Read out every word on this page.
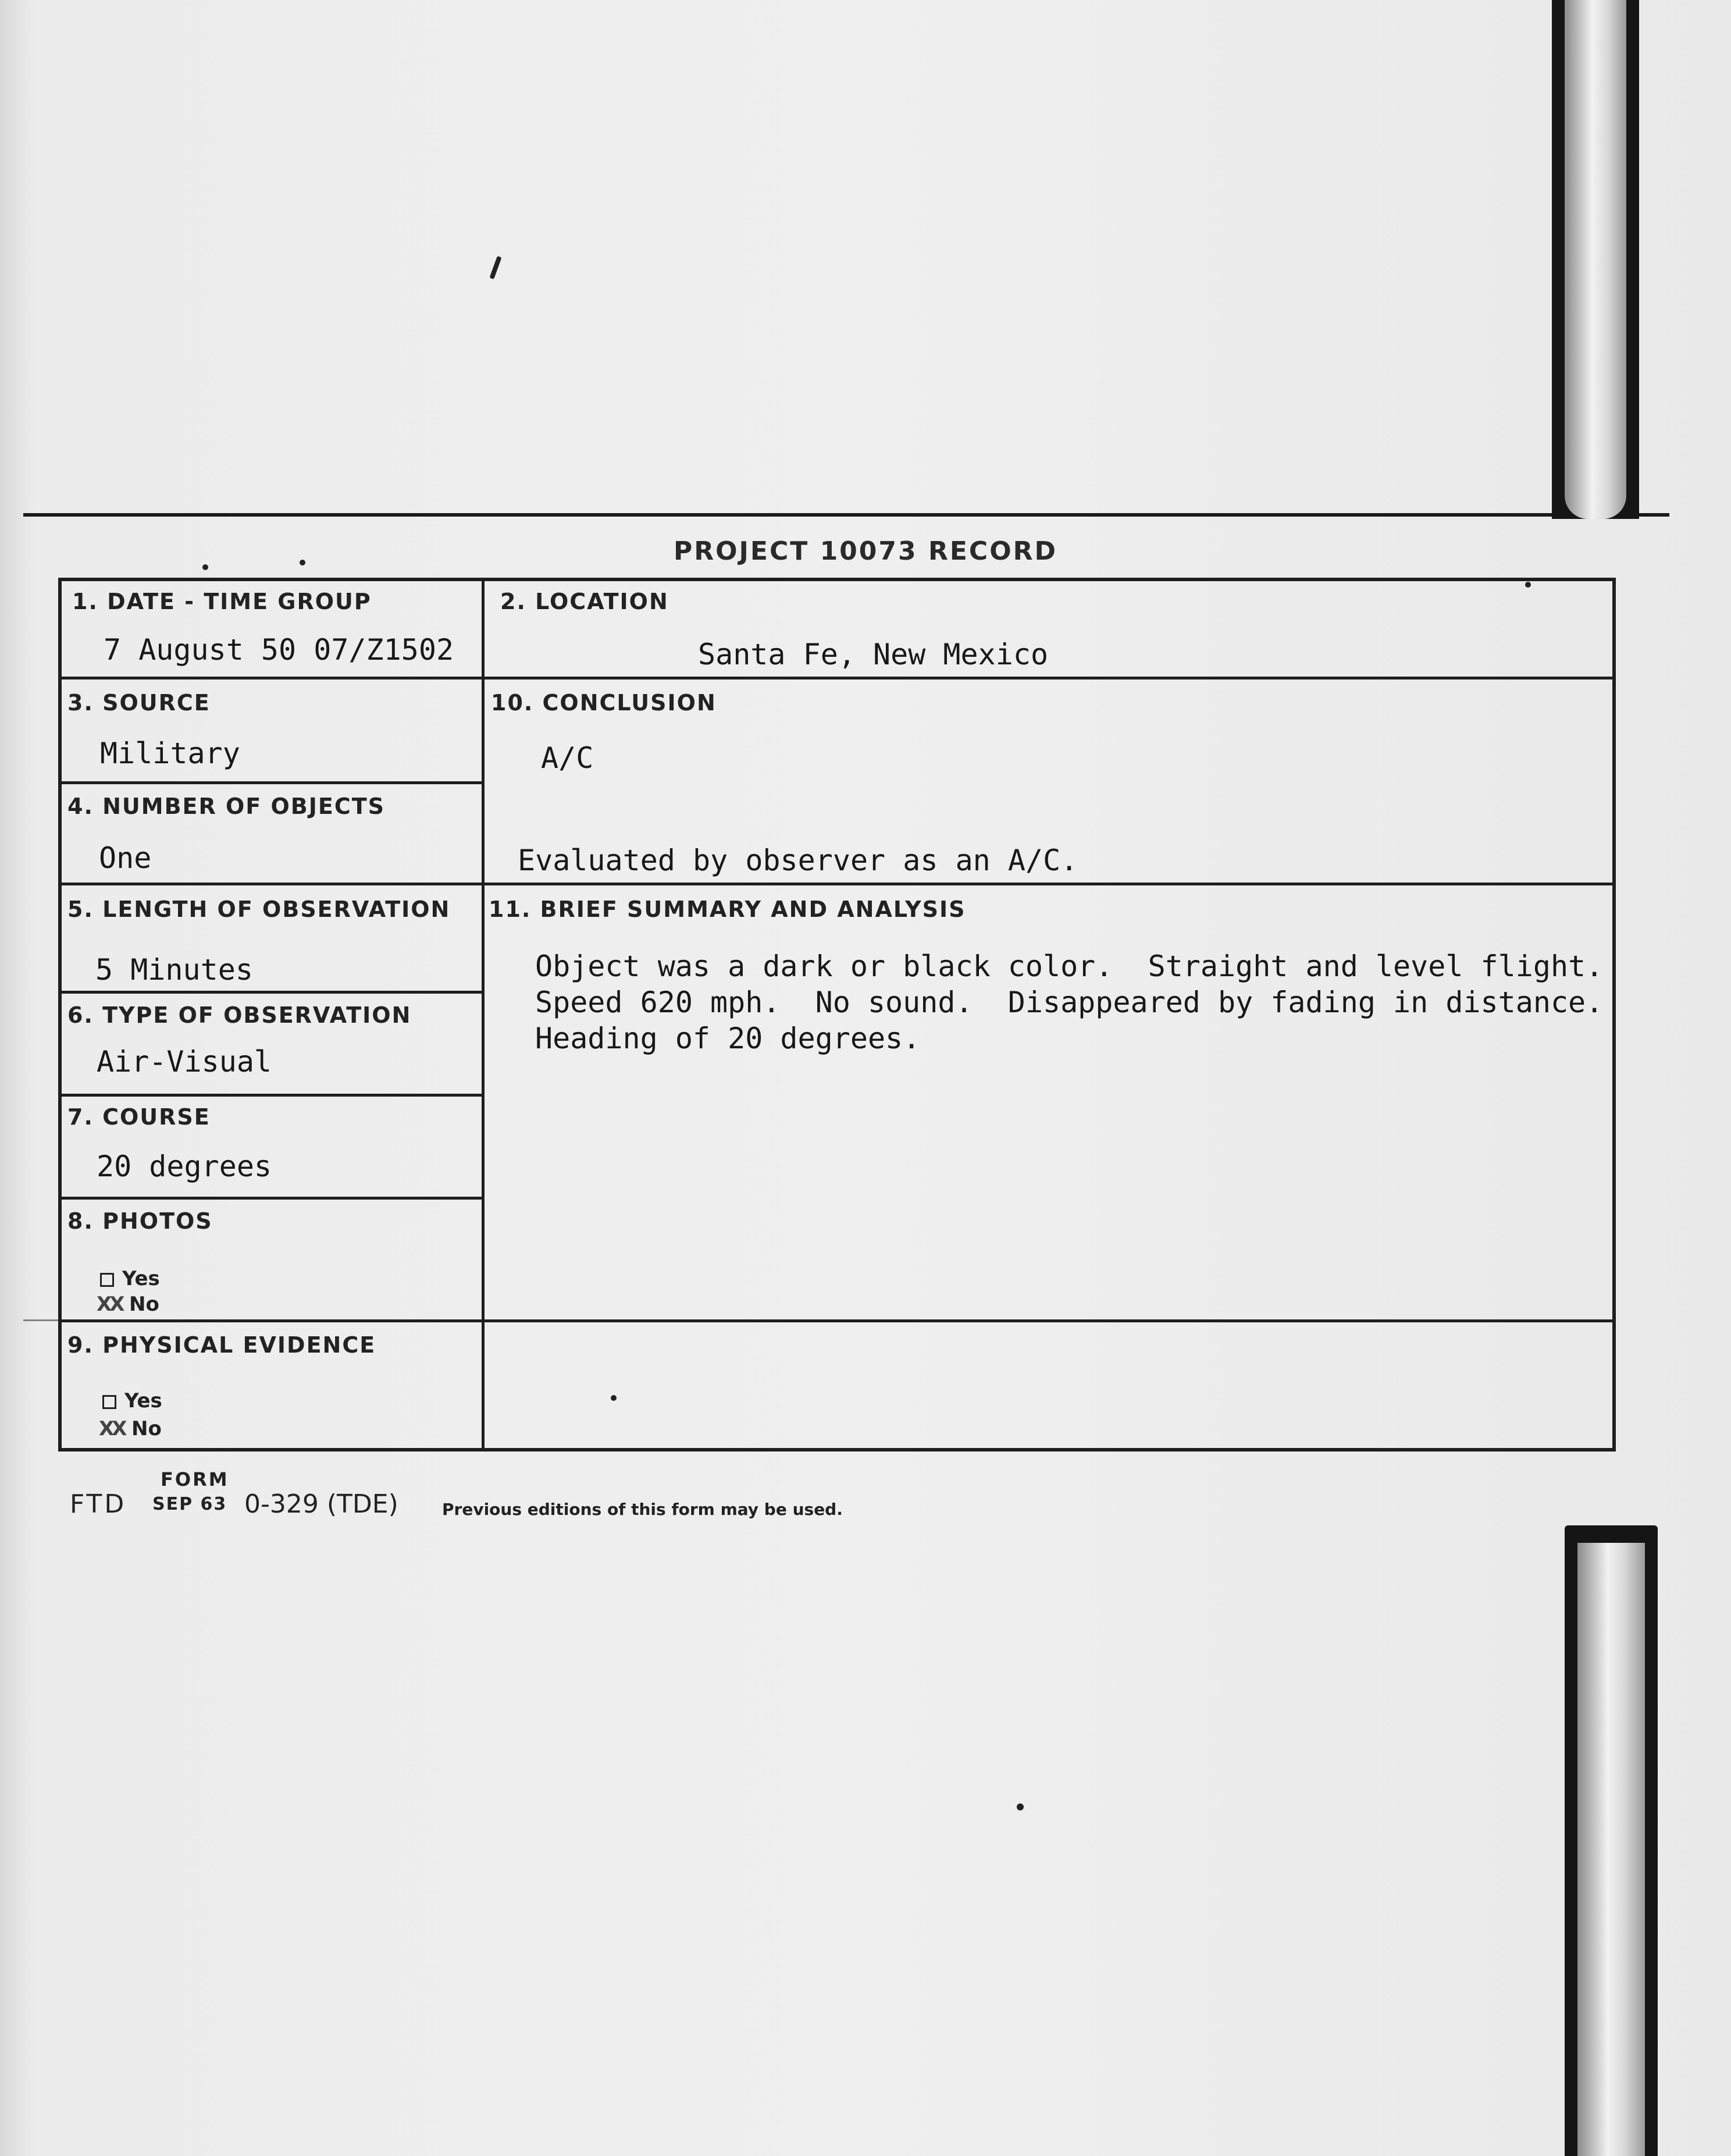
PROJECT 10073 RECORD
1. DATE - TIME GROUP
7 August 50 07/Z1502
2. LOCATION
Santa Fe, New Mexico
3. SOURCE
Military
10. CONCLUSION
A/C
Evaluated by observer as an A/C.
4. NUMBER OF OBJECTS
One
5. LENGTH OF OBSERVATION
5 Minutes
11. BRIEF SUMMARY AND ANALYSIS
Object was a dark or black color.  Straight and level flight.
Speed 620 mph.  No sound.  Disappeared by fading in distance.
Heading of 20 degrees.
6. TYPE OF OBSERVATION
Air-Visual
7. COURSE
20 degrees
8. PHOTOS
Yes
XX No
9. PHYSICAL EVIDENCE
Yes
XX No
FORM
FTD SEP 63 0-329 (TDE)	Previous editions of this form may be used.
